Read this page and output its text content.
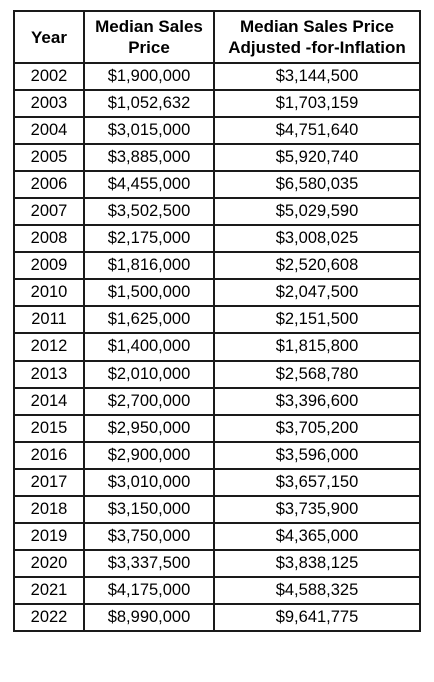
Year	Median Sales Price	Median Sales Price Adjusted -for-Inflation
2002	$1,900,000	$3,144,500
2003	$1,052,632	$1,703,159
2004	$3,015,000	$4,751,640
2005	$3,885,000	$5,920,740
2006	$4,455,000	$6,580,035
2007	$3,502,500	$5,029,590
2008	$2,175,000	$3,008,025
2009	$1,816,000	$2,520,608
2010	$1,500,000	$2,047,500
2011	$1,625,000	$2,151,500
2012	$1,400,000	$1,815,800
2013	$2,010,000	$2,568,780
2014	$2,700,000	$3,396,600
2015	$2,950,000	$3,705,200
2016	$2,900,000	$3,596,000
2017	$3,010,000	$3,657,150
2018	$3,150,000	$3,735,900
2019	$3,750,000	$4,365,000
2020	$3,337,500	$3,838,125
2021	$4,175,000	$4,588,325
2022	$8,990,000	$9,641,775
